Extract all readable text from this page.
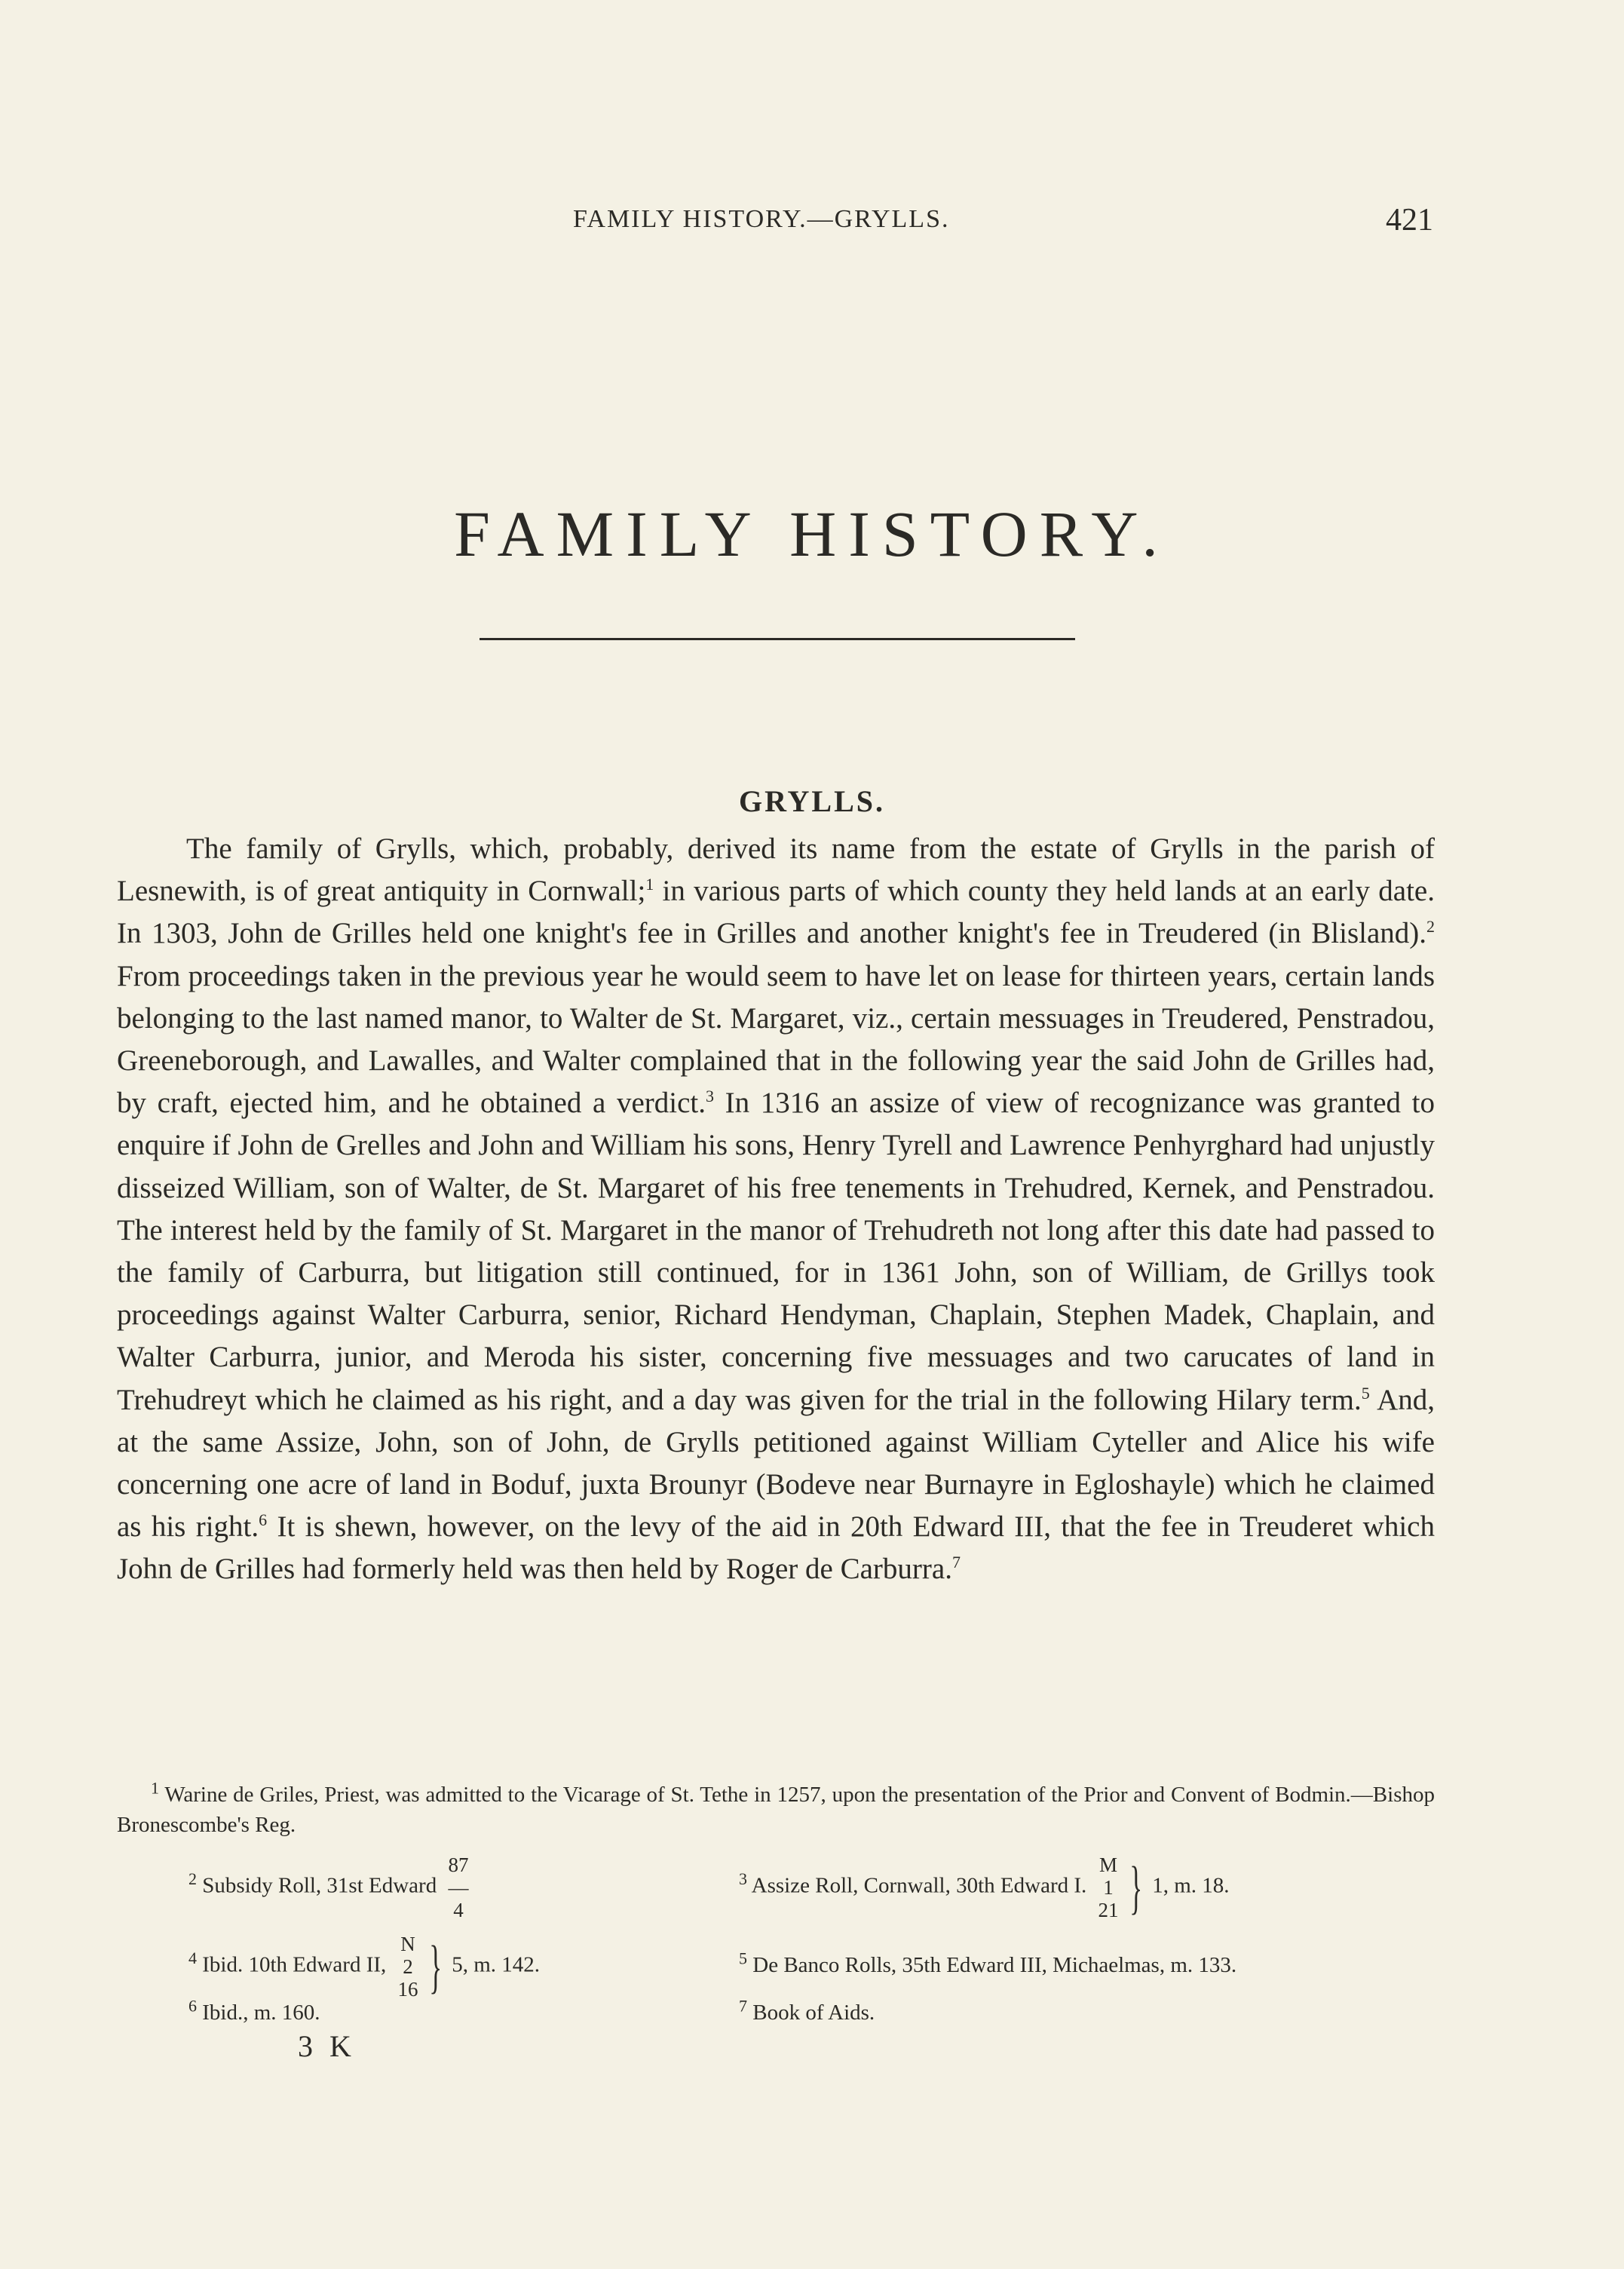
FAMILY HISTORY.—GRYLLS.	421
FAMILY HISTORY.
GRYLLS.

The family of Grylls, which, probably, derived its name from the estate of Grylls in the parish of Lesnewith, is of great antiquity in Cornwall;$^1$ in various parts of which county they held lands at an early date. In 1303, John de Grilles held one knight's fee in Grilles and another knight's fee in Treudered (in Blisland).$^2$ From proceedings taken in the previous year he would seem to have let on lease for thirteen years, certain lands belonging to the last named manor, to Walter de St. Margaret, viz., certain messuages in Treudered, Penstradou, Greeneborough, and Lawalles, and Walter complained that in the following year the said John de Grilles had, by craft, ejected him, and he obtained a verdict.$^3$ In 1316 an assize of view of recognizance was granted to enquire if John de Grelles and John and William his sons, Henry Tyrell and Lawrence Penhyrghard had unjustly disseized William, son of Walter, de St. Margaret of his free tenements in Trehudred, Kernek, and Penstradou. The interest held by the family of St. Margaret in the manor of Trehudreth not long after this date had passed to the family of Carburra, but litigation still continued, for in 1361 John, son of William, de Grillys took proceedings against Walter Carburra, senior, Richard Hendyman, Chaplain, Stephen Madek, Chaplain, and Walter Carburra, junior, and Meroda his sister, concerning five messuages and two carucates of land in Trehudreyt which he claimed as his right, and a day was given for the trial in the following Hilary term.$^5$ And, at the same Assize, John, son of John, de Grylls petitioned against William Cyteller and Alice his wife concerning one acre of land in Boduf, juxta Brounyr (Bodeve near Burnayre in Egloshayle) which he claimed as his right.$^6$ It is shewn, however, on the levy of the aid in 20th Edward III, that the fee in Treuderet which John de Grilles had formerly held was then held by Roger de Carburra.$^7$

$^1$ Warine de Griles, Priest, was admitted to the Vicarage of St. Tethe in 1257, upon the presentation of the Prior and Convent of Bodmin.—Bishop Bronescombe's Reg.
$^2$ Subsidy Roll, 31st Edward
87
—
4
$^3$ Assize Roll, Cornwall, 30th Edward I.
M
1
21 } 1, m. 18.
$^4$ Ibid. 10th Edward II,
N
2
16 } 5, m. 142.	$^5$ De Banco Rolls, 35th Edward III, Michaelmas, m. 133.
$^6$ Ibid., m. 160.	$^7$ Book of Aids.
3 K
